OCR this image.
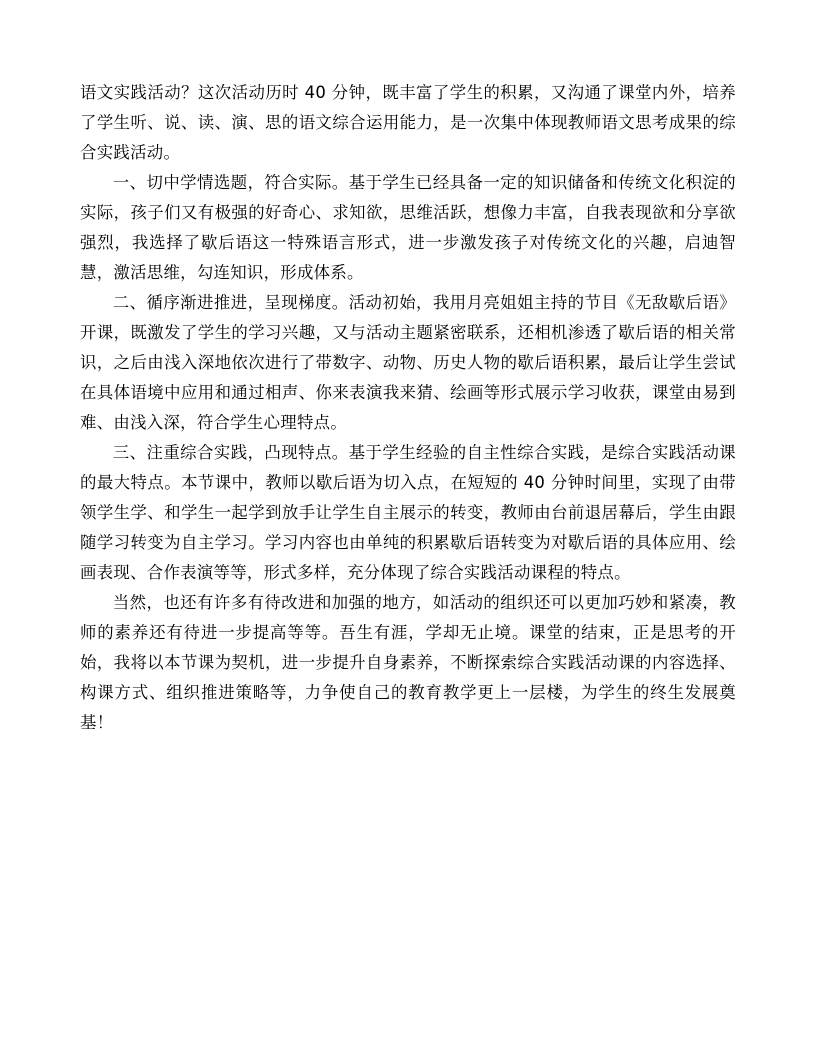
语文实践活动？这次活动历时 40 分钟，既丰富了学生的积累，又沟通了课堂内外，培养了学生听、说、读、演、思的语文综合运用能力，是一次集中体现教师语文思考成果的综合实践活动。

一、切中学情选题，符合实际。基于学生已经具备一定的知识储备和传统文化积淀的实际，孩子们又有极强的好奇心、求知欲，思维活跃，想像力丰富，自我表现欲和分享欲强烈，我选择了歇后语这一特殊语言形式，进一步激发孩子对传统文化的兴趣，启迪智慧，激活思维，勾连知识，形成体系。

二、循序渐进推进，呈现梯度。活动初始，我用月亮姐姐主持的节目《无敌歇后语》开课，既激发了学生的学习兴趣，又与活动主题紧密联系，还相机渗透了歇后语的相关常识，之后由浅入深地依次进行了带数字、动物、历史人物的歇后语积累，最后让学生尝试在具体语境中应用和通过相声、你来表演我来猜、绘画等形式展示学习收获，课堂由易到难、由浅入深，符合学生心理特点。

三、注重综合实践，凸现特点。基于学生经验的自主性综合实践，是综合实践活动课的最大特点。本节课中，教师以歇后语为切入点，在短短的 40 分钟时间里，实现了由带领学生学、和学生一起学到放手让学生自主展示的转变，教师由台前退居幕后，学生由跟随学习转变为自主学习。学习内容也由单纯的积累歇后语转变为对歇后语的具体应用、绘画表现、合作表演等等，形式多样，充分体现了综合实践活动课程的特点。

当然，也还有许多有待改进和加强的地方，如活动的组织还可以更加巧妙和紧凑，教师的素养还有待进一步提高等等。吾生有涯，学却无止境。课堂的结束，正是思考的开始，我将以本节课为契机，进一步提升自身素养，不断探索综合实践活动课的内容选择、构课方式、组织推进策略等，力争使自己的教育教学更上一层楼，为学生的终生发展奠基！
